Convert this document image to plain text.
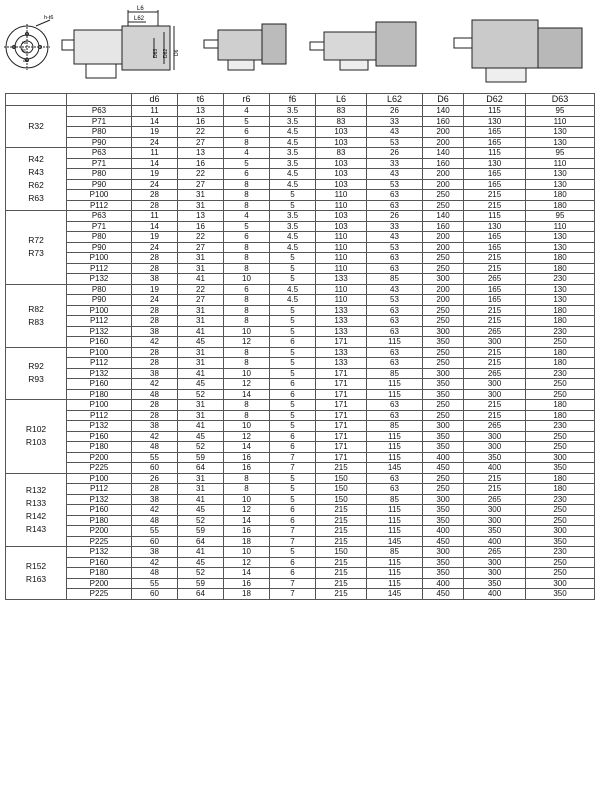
h-t6
r6
f6
d6
L6
L62
D63 D62 D6
		d6	t6	r6	f6	L6	L62	D6	D62	D63

R32	P63	11	13	4	3.5	83	26	140	115	95
	P71	14	16	5	3.5	83	33	160	130	110
	P80	19	22	6	4.5	103	43	200	165	130
	P90	24	27	8	4.5	103	53	200	165	130

R42
R43
R62
R63	P63	11	13	4	3.5	83	26	140	115	95
	P71	14	16	5	3.5	103	33	160	130	110
	P80	19	22	6	4.5	103	43	200	165	130
	P90	24	27	8	4.5	103	53	200	165	130
	P100	28	31	8	5	110	63	250	215	180
	P112	28	31	8	5	110	63	250	215	180

R72
R73	P63	11	13	4	3.5	103	26	140	115	95
	P71	14	16	5	3.5	103	33	160	130	110
	P80	19	22	6	4.5	110	43	200	165	130
	P90	24	27	8	4.5	110	53	200	165	130
	P100	28	31	8	5	110	63	250	215	180
	P112	28	31	8	5	110	63	250	215	180
	P132	38	41	10	5	133	85	300	265	230

R82
R83	P80	19	22	6	4.5	110	43	200	165	130
	P90	24	27	8	4.5	110	53	200	165	130
	P100	28	31	8	5	133	63	250	215	180
	P112	28	31	8	5	133	63	250	215	180
	P132	38	41	10	5	133	63	300	265	230
	P160	42	45	12	6	171	115	350	300	250

R92
R93	P100	28	31	8	5	133	63	250	215	180
	P112	28	31	8	5	133	63	250	215	180
	P132	38	41	10	5	171	85	300	265	230
	P160	42	45	12	6	171	115	350	300	250
	P180	48	52	14	6	171	115	350	300	250

R102
R103	P100	28	31	8	5	171	63	250	215	180
	P112	28	31	8	5	171	63	250	215	180
	P132	38	41	10	5	171	85	300	265	230
	P160	42	45	12	6	171	115	350	300	250
	P180	48	52	14	6	171	115	350	300	250
	P200	55	59	16	7	171	115	400	350	300
	P225	60	64	16	7	215	145	450	400	350

R132
R133
R142
R143	P100	26	31	8	5	150	63	250	215	180
	P112	28	31	8	5	150	63	250	215	180
	P132	38	41	10	5	150	85	300	265	230
	P160	42	45	12	6	215	115	350	300	250
	P180	48	52	14	6	215	115	350	300	250
	P200	55	59	16	7	215	115	400	350	300
	P225	60	64	18	7	215	145	450	400	350

R152
R163	P132	38	41	10	5	150	85	300	265	230
	P160	42	45	12	6	215	115	350	300	250
	P180	48	52	14	6	215	115	350	300	250
	P200	55	59	16	7	215	115	400	350	300
	P225	60	64	18	7	215	145	450	400	350
